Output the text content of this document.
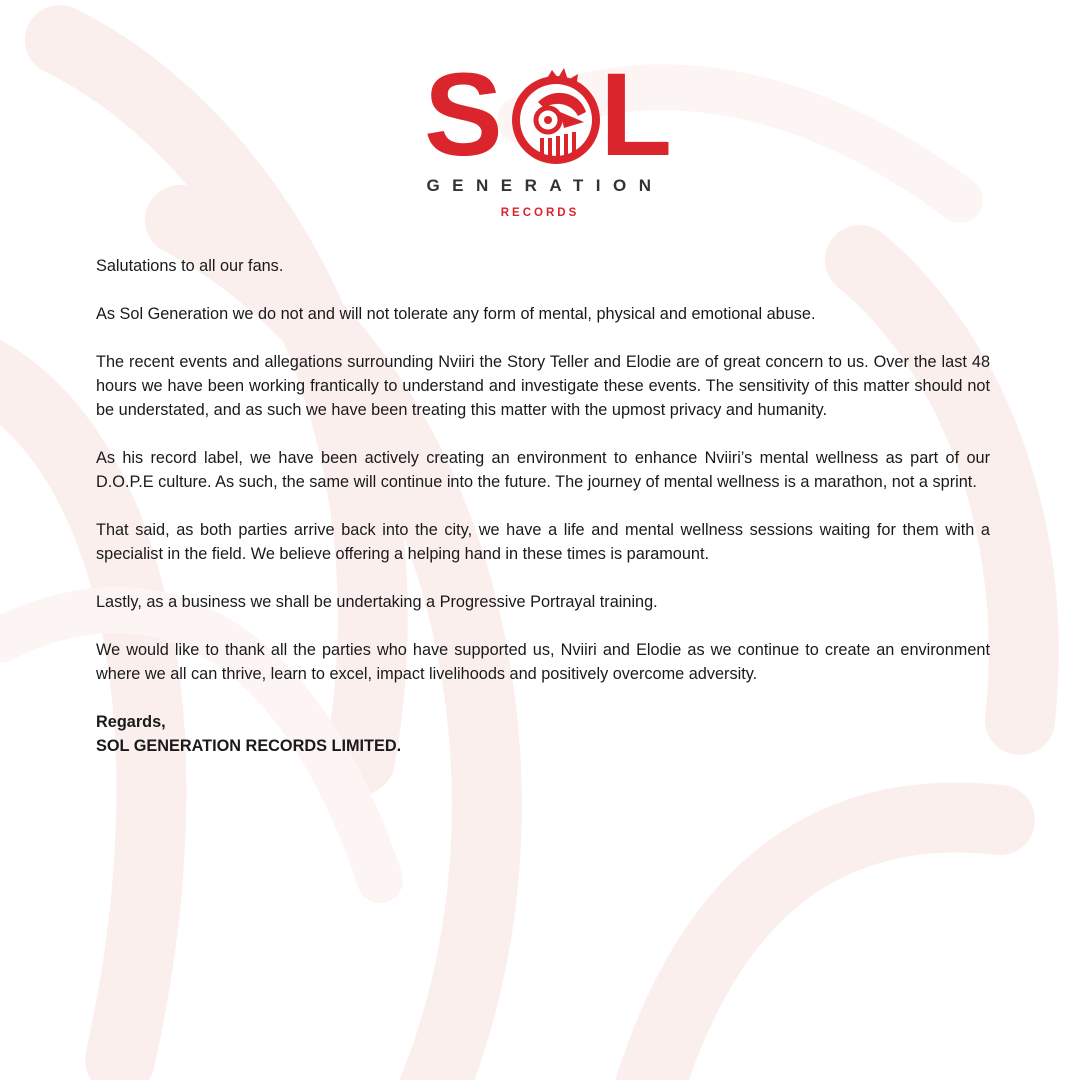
S L
GENERATION
RECORDS

Salutations to all our fans.

As Sol Generation we do not and will not tolerate any form of mental, physical and emotional abuse.

The recent events and allegations surrounding Nviiri the Story Teller and Elodie are of great concern to us. Over the last 48 hours we have been working frantically to understand and investigate these events. The sensitivity of this matter should not be understated, and as such we have been treating this matter with the upmost privacy and humanity.

As his record label, we have been actively creating an environment to enhance Nviiri’s mental wellness as part of our D.O.P.E culture. As such, the same will continue into the future. The journey of mental wellness is a marathon, not a sprint.

That said, as both parties arrive back into the city, we have a life and mental wellness sessions waiting for them with a specialist in the field. We believe offering a helping hand in these times is paramount.

Lastly, as a business we shall be undertaking a Progressive Portrayal training.

We would like to thank all the parties who have supported us, Nviiri and Elodie as we continue to create an environment where we all can thrive, learn to excel, impact livelihoods and positively overcome adversity.

Regards,

SOL GENERATION RECORDS LIMITED.
